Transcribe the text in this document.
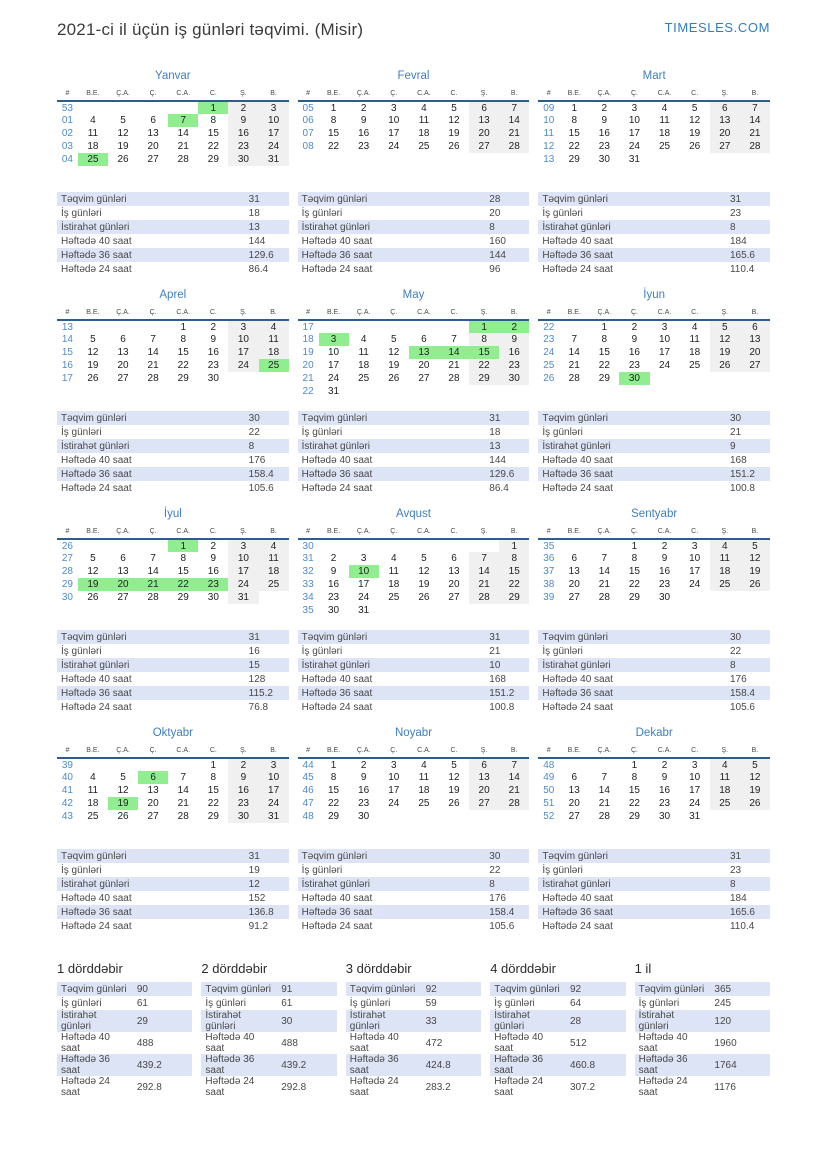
2021-ci il üçün iş günləri təqvimi. (Misir)	TIMESLES.COM
Yanvar
#	B.E.	Ç.A.	Ç.	C.A.	C.	Ş.	B.
53					1	2	3
01	4	5	6	7	8	9	10
02	11	12	13	14	15	16	17
03	18	19	20	21	22	23	24
04	25	26	27	28	29	30	31
Təqvim günləri	31
İş günləri	18
İstirahət günləri	13
Həftədə 40 saat	144
Həftədə 36 saat	129.6
Həftədə 24 saat	86.4
Fevral
#	B.E.	Ç.A.	Ç.	C.A.	C.	Ş.	B.
05	1	2	3	4	5	6	7
06	8	9	10	11	12	13	14
07	15	16	17	18	19	20	21
08	22	23	24	25	26	27	28
Təqvim günləri	28
İş günləri	20
İstirahət günləri	8
Həftədə 40 saat	160
Həftədə 36 saat	144
Həftədə 24 saat	96
Mart
#	B.E.	Ç.A.	Ç.	C.A.	C.	Ş.	B.
09	1	2	3	4	5	6	7
10	8	9	10	11	12	13	14
11	15	16	17	18	19	20	21
12	22	23	24	25	26	27	28
13	29	30	31				
Təqvim günləri	31
İş günləri	23
İstirahət günləri	8
Həftədə 40 saat	184
Həftədə 36 saat	165.6
Həftədə 24 saat	110.4
Aprel
#	B.E.	Ç.A.	Ç.	C.A.	C.	Ş.	B.
13				1	2	3	4
14	5	6	7	8	9	10	11
15	12	13	14	15	16	17	18
16	19	20	21	22	23	24	25
17	26	27	28	29	30		
Təqvim günləri	30
İş günləri	22
İstirahət günləri	8
Həftədə 40 saat	176
Həftədə 36 saat	158.4
Həftədə 24 saat	105.6
May
#	B.E.	Ç.A.	Ç.	C.A.	C.	Ş.	B.
17						1	2
18	3	4	5	6	7	8	9
19	10	11	12	13	14	15	16
20	17	18	19	20	21	22	23
21	24	25	26	27	28	29	30
22	31						
Təqvim günləri	31
İş günləri	18
İstirahət günləri	13
Həftədə 40 saat	144
Həftədə 36 saat	129.6
Həftədə 24 saat	86.4
İyun
#	B.E.	Ç.A.	Ç.	C.A.	C.	Ş.	B.
22		1	2	3	4	5	6
23	7	8	9	10	11	12	13
24	14	15	16	17	18	19	20
25	21	22	23	24	25	26	27
26	28	29	30				
Təqvim günləri	30
İş günləri	21
İstirahət günləri	9
Həftədə 40 saat	168
Həftədə 36 saat	151.2
Həftədə 24 saat	100.8
İyul
#	B.E.	Ç.A.	Ç.	C.A.	C.	Ş.	B.
26				1	2	3	4
27	5	6	7	8	9	10	11
28	12	13	14	15	16	17	18
29	19	20	21	22	23	24	25
30	26	27	28	29	30	31	
Təqvim günləri	31
İş günləri	16
İstirahət günləri	15
Həftədə 40 saat	128
Həftədə 36 saat	115.2
Həftədə 24 saat	76.8
Avqust
#	B.E.	Ç.A.	Ç.	C.A.	C.	Ş.	B.
30							1
31	2	3	4	5	6	7	8
32	9	10	11	12	13	14	15
33	16	17	18	19	20	21	22
34	23	24	25	26	27	28	29
35	30	31					
Təqvim günləri	31
İş günləri	21
İstirahət günləri	10
Həftədə 40 saat	168
Həftədə 36 saat	151.2
Həftədə 24 saat	100.8
Sentyabr
#	B.E.	Ç.A.	Ç.	C.A.	C.	Ş.	B.
35			1	2	3	4	5
36	6	7	8	9	10	11	12
37	13	14	15	16	17	18	19
38	20	21	22	23	24	25	26
39	27	28	29	30			
Təqvim günləri	30
İş günləri	22
İstirahət günləri	8
Həftədə 40 saat	176
Həftədə 36 saat	158.4
Həftədə 24 saat	105.6
Oktyabr
#	B.E.	Ç.A.	Ç.	C.A.	C.	Ş.	B.
39					1	2	3
40	4	5	6	7	8	9	10
41	11	12	13	14	15	16	17
42	18	19	20	21	22	23	24
43	25	26	27	28	29	30	31
Təqvim günləri	31
İş günləri	19
İstirahət günləri	12
Həftədə 40 saat	152
Həftədə 36 saat	136.8
Həftədə 24 saat	91.2
Noyabr
#	B.E.	Ç.A.	Ç.	C.A.	C.	Ş.	B.
44	1	2	3	4	5	6	7
45	8	9	10	11	12	13	14
46	15	16	17	18	19	20	21
47	22	23	24	25	26	27	28
48	29	30					
Təqvim günləri	30
İş günləri	22
İstirahət günləri	8
Həftədə 40 saat	176
Həftədə 36 saat	158.4
Həftədə 24 saat	105.6
Dekabr
#	B.E.	Ç.A.	Ç.	C.A.	C.	Ş.	B.
48			1	2	3	4	5
49	6	7	8	9	10	11	12
50	13	14	15	16	17	18	19
51	20	21	22	23	24	25	26
52	27	28	29	30	31		
Təqvim günləri	31
İş günləri	23
İstirahət günləri	8
Həftədə 40 saat	184
Həftədə 36 saat	165.6
Həftədə 24 saat	110.4
1 dörddəbir
Təqvim günləri	90
İş günləri	61
İstirahət günləri	29
Həftədə 40 saat	488
Həftədə 36 saat	439.2
Həftədə 24 saat	292.8
2 dörddəbir
Təqvim günləri	91
İş günləri	61
İstirahət günləri	30
Həftədə 40 saat	488
Həftədə 36 saat	439.2
Həftədə 24 saat	292.8
3 dörddəbir
Təqvim günləri	92
İş günləri	59
İstirahət günləri	33
Həftədə 40 saat	472
Həftədə 36 saat	424.8
Həftədə 24 saat	283.2
4 dörddəbir
Təqvim günləri	92
İş günləri	64
İstirahət günləri	28
Həftədə 40 saat	512
Həftədə 36 saat	460.8
Həftədə 24 saat	307.2
1 il
Təqvim günləri	365
İş günləri	245
İstirahət günləri	120
Həftədə 40 saat	1960
Həftədə 36 saat	1764
Həftədə 24 saat	1176
